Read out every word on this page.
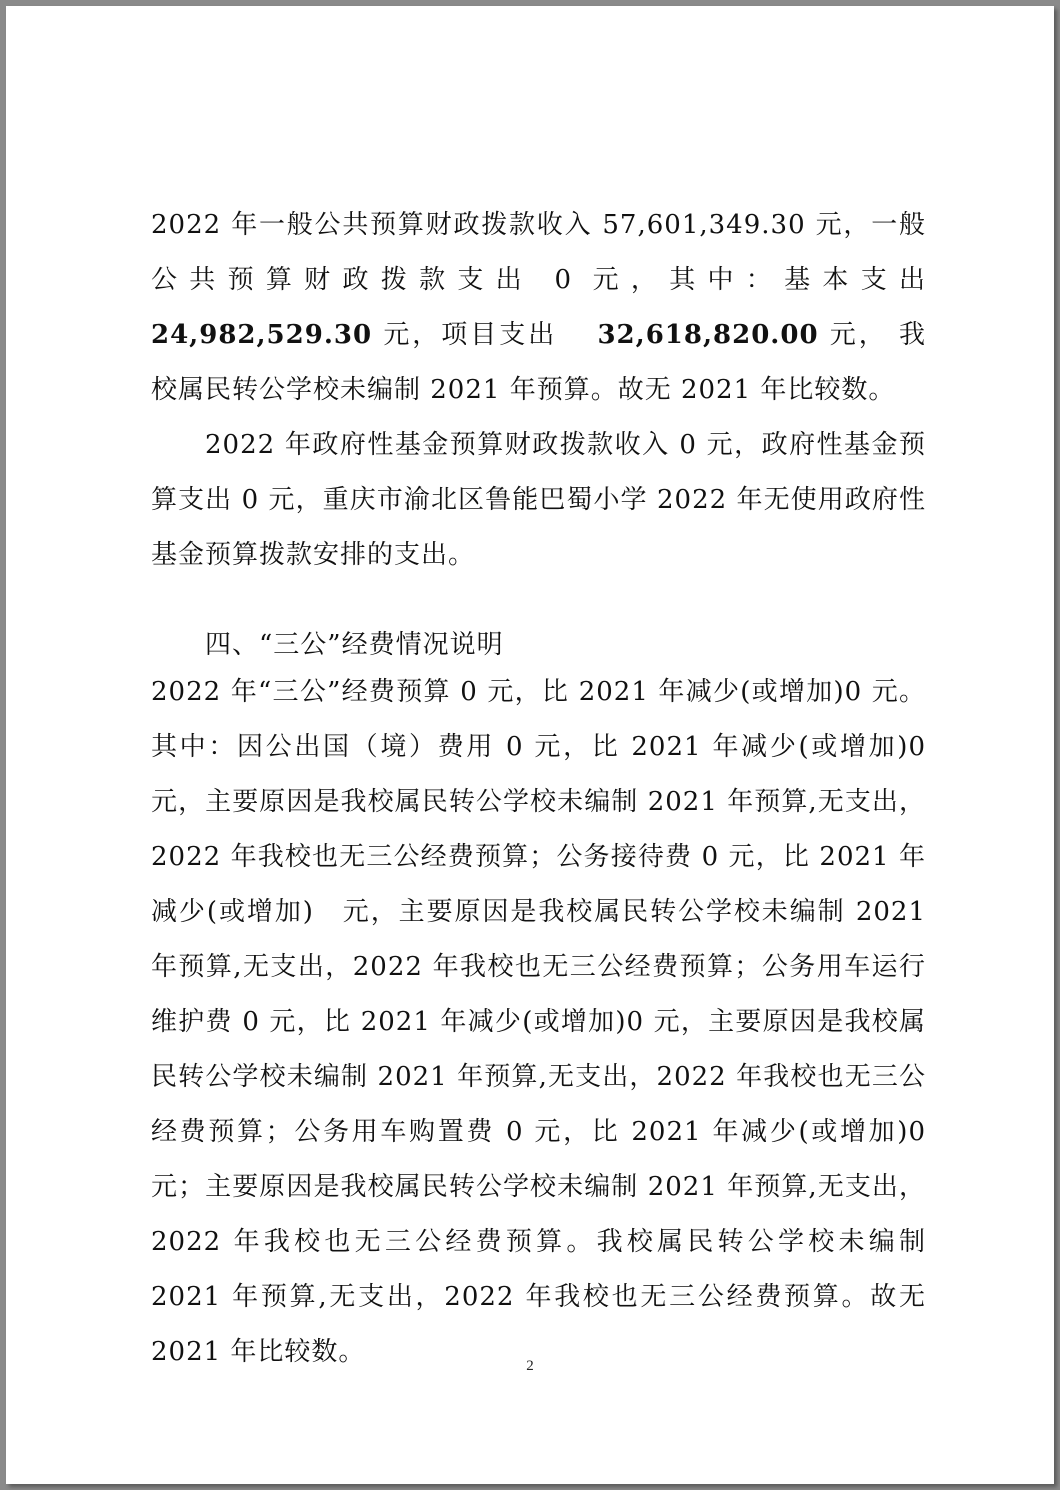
2022 年一般公共预算财政拨款收入 57,601,349.30 元，一般公共预算财政拨款支出 0 元，其中：基本支出 24,982,529.30 元，项目支出　 32,618,820.00 元， 我校属民转公学校未编制 2021 年预算。故无 2021 年比较数。

2022 年政府性基金预算财政拨款收入 0 元，政府性基金预算支出 0 元，重庆市渝北区鲁能巴蜀小学 2022 年无使用政府性基金预算拨款安排的支出。

四、“三公”经费情况说明

2022 年“三公”经费预算 0 元，比 2021 年减少(或增加)0 元。其中：因公出国（境）费用 0 元，比 2021 年减少(或增加)0 元，主要原因是我校属民转公学校未编制 2021 年预算,无支出，2022 年我校也无三公经费预算；公务接待费 0 元，比 2021 年减少(或增加)　元，主要原因是我校属民转公学校未编制 2021 年预算,无支出，2022 年我校也无三公经费预算；公务用车运行维护费 0 元，比 2021 年减少(或增加)0 元，主要原因是我校属民转公学校未编制 2021 年预算,无支出，2022 年我校也无三公经费预算；公务用车购置费 0 元，比 2021 年减少(或增加)0 元；主要原因是我校属民转公学校未编制 2021 年预算,无支出，2022 年我校也无三公经费预算。我校属民转公学校未编制 2021 年预算,无支出，2022 年我校也无三公经费预算。故无 2021 年比较数。	2
